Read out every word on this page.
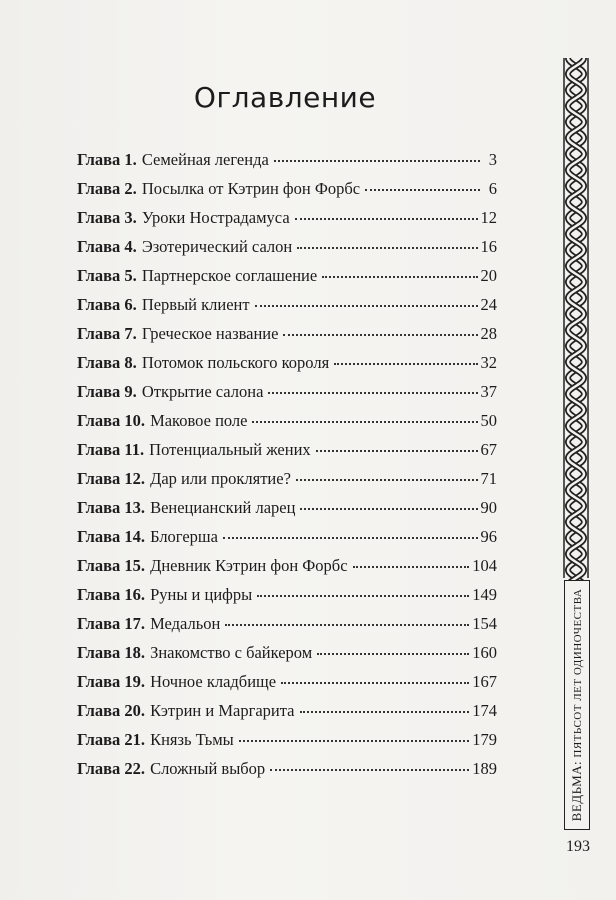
Оглавление
Глава 1. Семейная легенда	3
Глава 2. Посылка от Кэтрин фон Форбс	6
Глава 3. Уроки Нострадамуса	12
Глава 4. Эзотерический салон	16
Глава 5. Партнерское соглашение	20
Глава 6. Первый клиент	24
Глава 7. Греческое название	28
Глава 8. Потомок польского короля	32
Глава 9. Открытие салона	37
Глава 10. Маковое поле	50
Глава 11. Потенциальный жених	67
Глава 12. Дар или проклятие?	71
Глава 13. Венецианский ларец	90
Глава 14. Блогерша	96
Глава 15. Дневник Кэтрин фон Форбс	104
Глава 16. Руны и цифры	149
Глава 17. Медальон	154
Глава 18. Знакомство с байкером	160
Глава 19. Ночное кладбище	167
Глава 20. Кэтрин и Маргарита	174
Глава 21. Князь Тьмы	179
Глава 22. Сложный выбор	189	ВЕДЬМА: ПЯТЬСОТ ЛЕТ ОДИНОЧЕСТВА
193
